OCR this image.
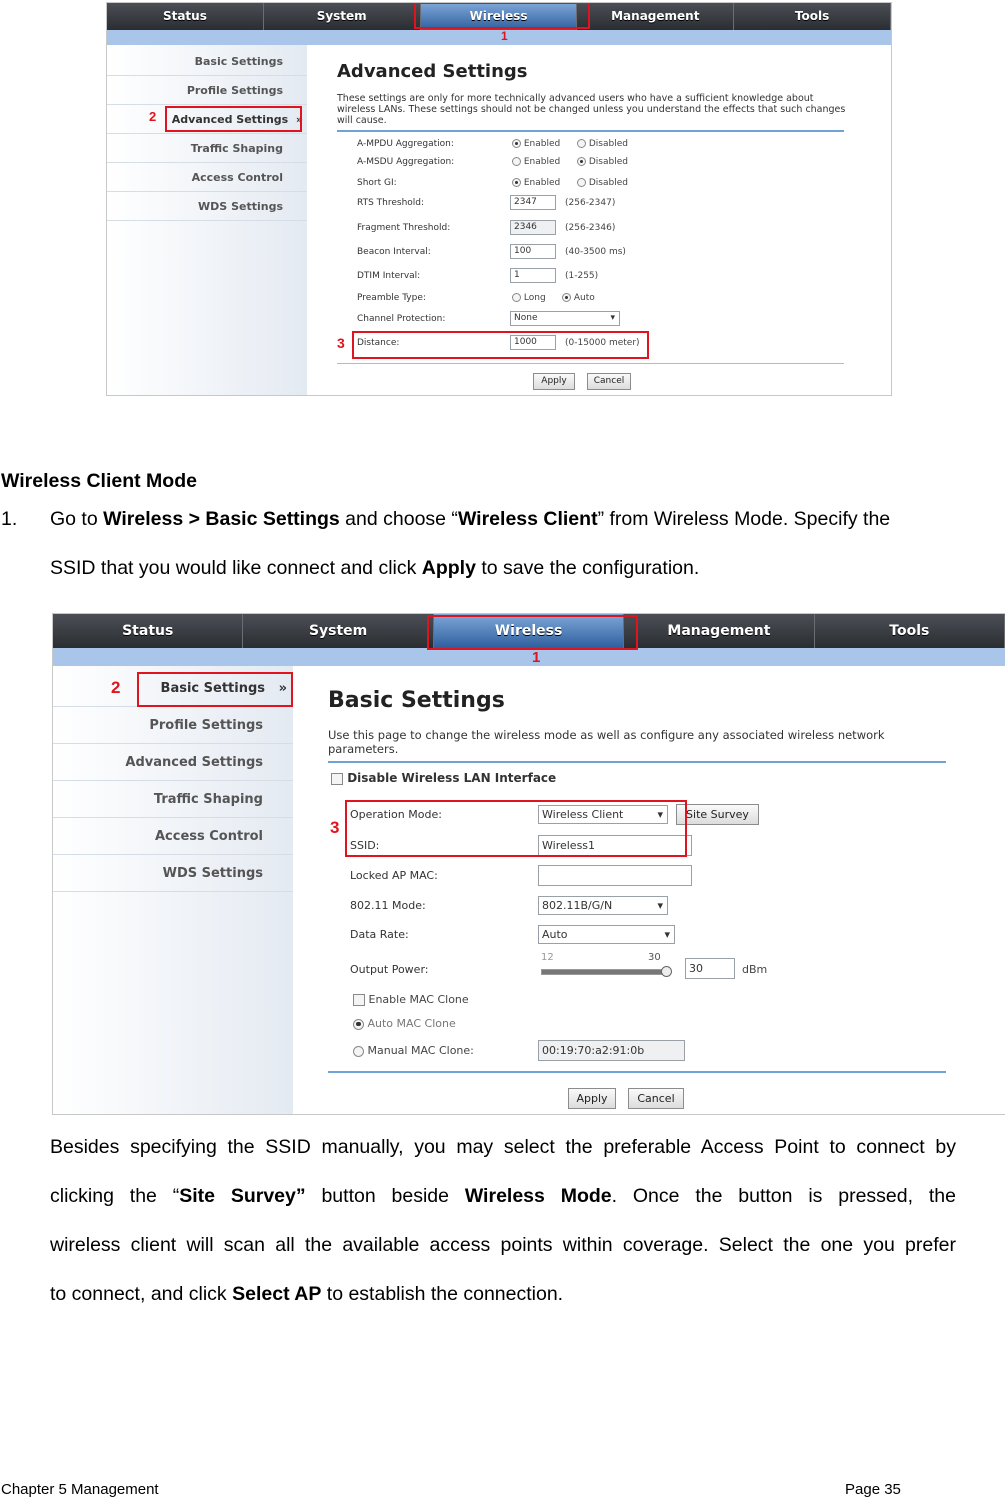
Status	System	Wireless	Management	Tools
Basic Settings
Profile Settings
Advanced Settings »
Traffic Shaping
Access Control
WDS Settings
Advanced Settings
These settings are only for more technically advanced users who have a sufficient knowledge about wireless LANs. These settings should not be changed unless you understand the effects that such changes will cause.
A-MPDU Aggregation:	Enabled	Disabled
A-MSDU Aggregation:	Enabled	Disabled
Short GI:	Enabled	Disabled
RTS Threshold:	2347	(256-2347)
Fragment Threshold:	2346	(256-2346)
Beacon Interval:	100	(40-3500 ms)
DTIM Interval:	1	(1-255)
Preamble Type:	Long	Auto
Channel Protection:	None	▾
Distance:	1000	(0-15000 meter)
Apply	Cancel
1
2
3
Wireless Client Mode
1. Go to Wireless > Basic Settings and choose “Wireless Client” from Wireless Mode. Specify the
SSID that you would like connect and click Apply to save the configuration.
Status	System	Wireless	Management	Tools
Basic Settings »
Profile Settings
Advanced Settings
Traffic Shaping
Access Control
WDS Settings
Basic Settings
Use this page to change the wireless mode as well as configure any associated wireless network parameters.
Disable Wireless LAN Interface
Operation Mode:	Wireless Client	▾	Site Survey
SSID:	Wireless1
Locked AP MAC:
802.11 Mode:	802.11B/G/N	▾
Data Rate:	Auto	▾
Output Power:
12	30
30	dBm
Enable MAC Clone
Auto MAC Clone
Manual MAC Clone:	00:19:70:a2:91:0b
Apply	Cancel
1
2
3
Besides specifying the SSID manually, you may select the preferable Access Point to connect by
clicking the “Site Survey” button beside Wireless Mode. Once the button is pressed, the
wireless client will scan all the available access points within coverage. Select the one you prefer
to connect, and click Select AP to establish the connection.
Chapter 5 Management	Page 35
